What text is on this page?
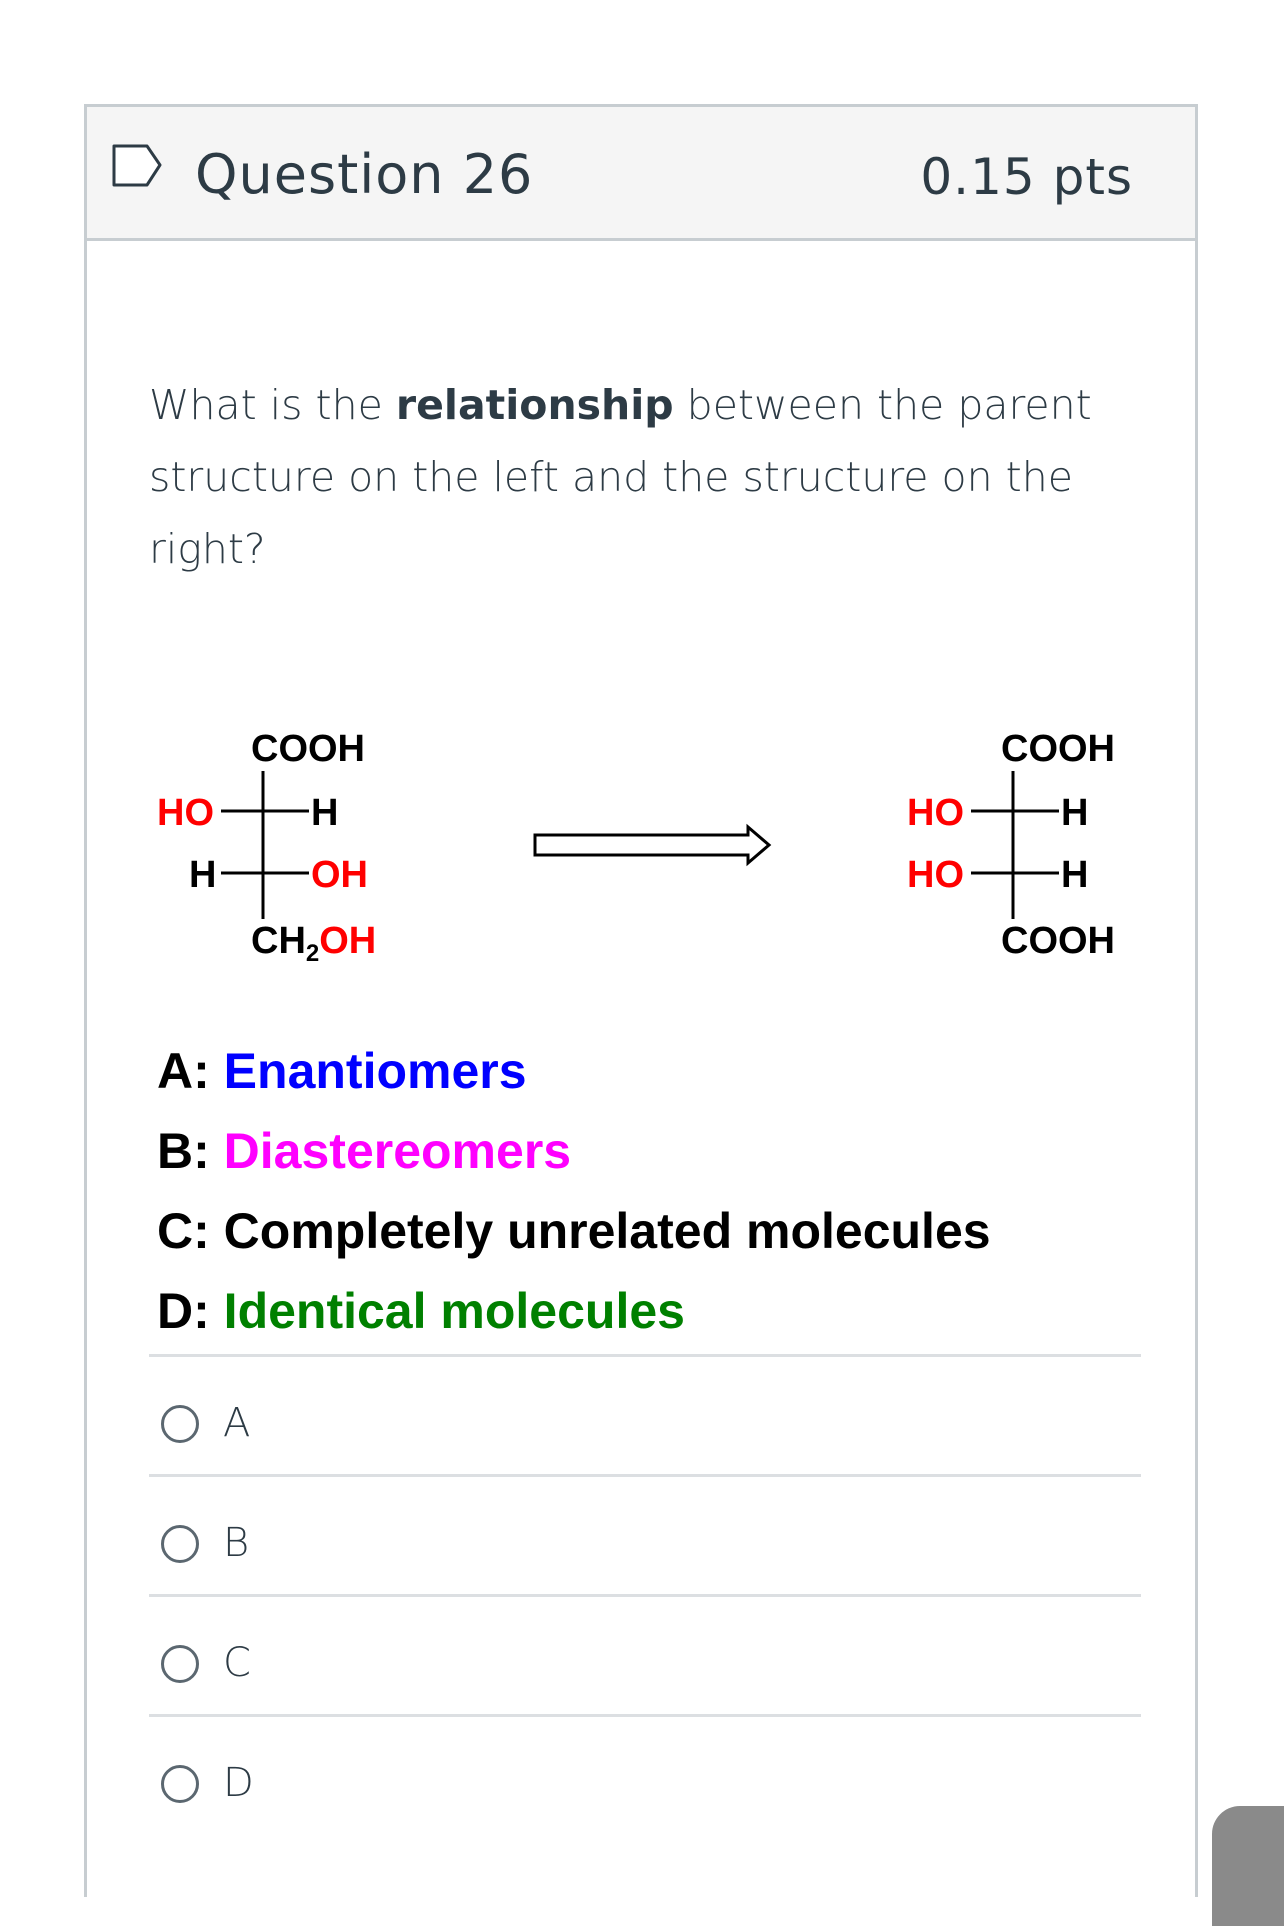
Question 26	0.15 pts
What is the relationship between the parent structure on the left and the structure on the right?
COOH
HO	H
H OH
$CH_2OH$
COOH
HO	H
HO	H
COOH
A: Enantiomers
B: Diastereomers
C: Completely unrelated molecules
D: Identical molecules
A
B
C
D
